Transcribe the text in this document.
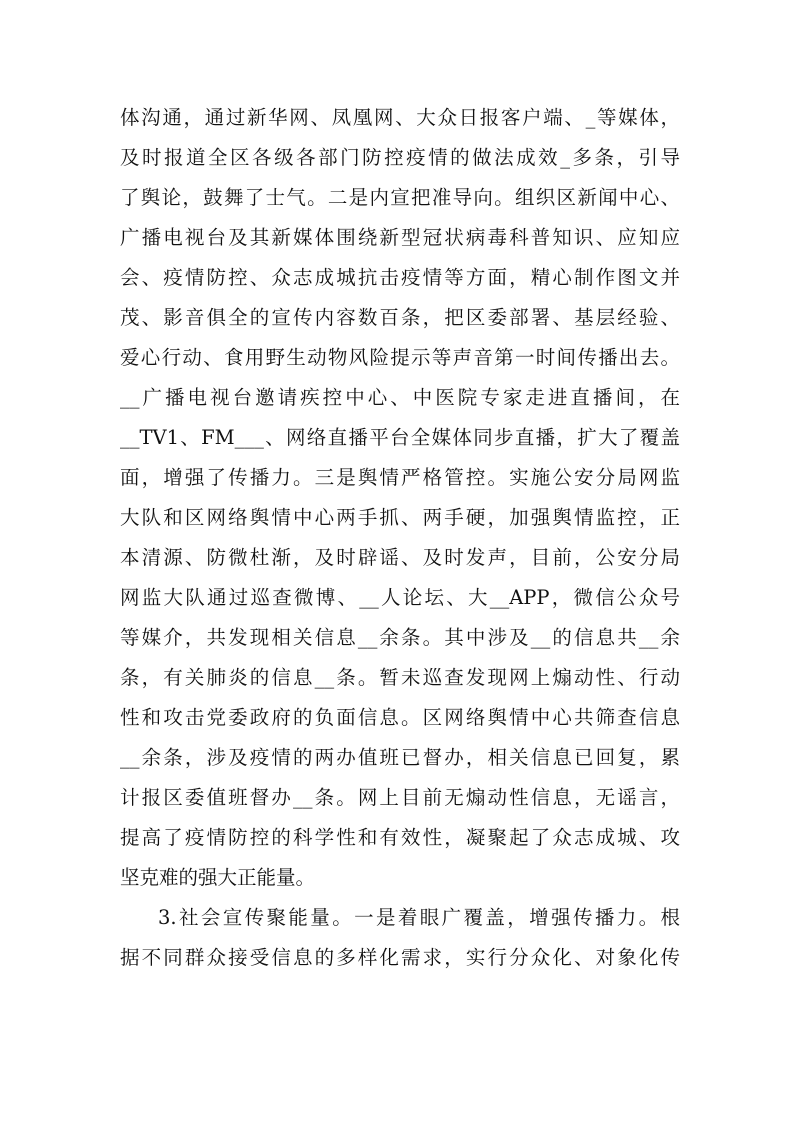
体沟通，通过新华网、凤凰网、大众日报客户端、_等媒体，
及时报道全区各级各部门防控疫情的做法成效_多条，引导
了舆论，鼓舞了士气。二是内宣把准导向。组织区新闻中心、
广播电视台及其新媒体围绕新型冠状病毒科普知识、应知应
会、疫情防控、众志成城抗击疫情等方面，精心制作图文并
茂、影音俱全的宣传内容数百条，把区委部署、基层经验、
爱心行动、食用野生动物风险提示等声音第一时间传播出去。
__广播电视台邀请疾控中心、中医院专家走进直播间，在
__TV1、FM___、网络直播平台全媒体同步直播，扩大了覆盖
面，增强了传播力。三是舆情严格管控。实施公安分局网监
大队和区网络舆情中心两手抓、两手硬，加强舆情监控，正
本清源、防微杜渐，及时辟谣、及时发声，目前，公安分局
网监大队通过巡查微博、__人论坛、大__APP，微信公众号
等媒介，共发现相关信息__余条。其中涉及__的信息共__余
条，有关肺炎的信息__条。暂未巡查发现网上煽动性、行动
性和攻击党委政府的负面信息。区网络舆情中心共筛查信息
__余条，涉及疫情的两办值班已督办，相关信息已回复，累
计报区委值班督办__条。网上目前无煽动性信息，无谣言，
提高了疫情防控的科学性和有效性，凝聚起了众志成城、攻
坚克难的强大正能量。
3.社会宣传聚能量。一是着眼广覆盖，增强传播力。根
据不同群众接受信息的多样化需求，实行分众化、对象化传
